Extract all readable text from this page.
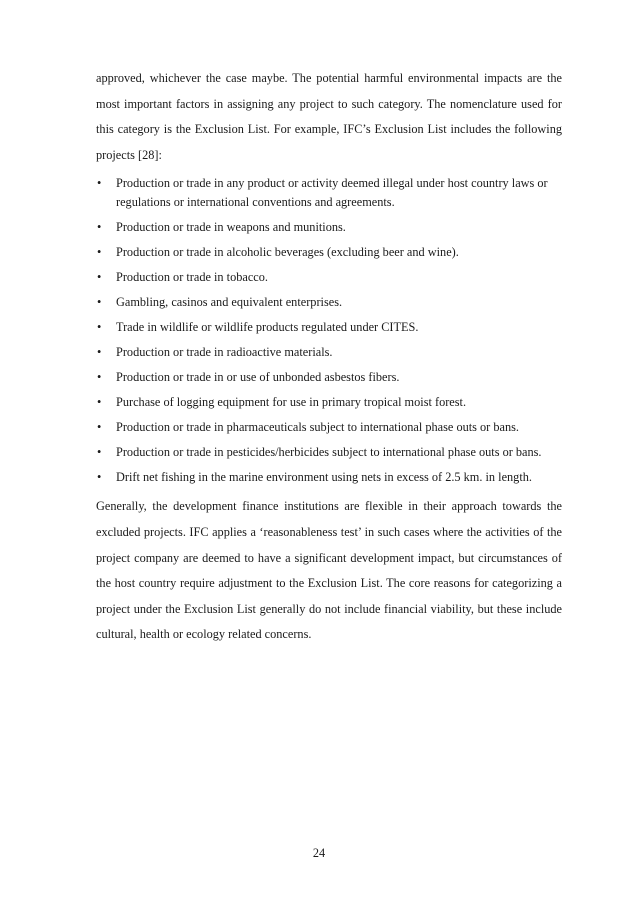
approved, whichever the case maybe. The potential harmful environmental impacts are the most important factors in assigning any project to such category. The nomenclature used for this category is the Exclusion List. For example, IFC’s Exclusion List includes the following projects [28]:

• Production or trade in any product or activity deemed illegal under host country laws or regulations or international conventions and agreements.
• Production or trade in weapons and munitions.
• Production or trade in alcoholic beverages (excluding beer and wine).
• Production or trade in tobacco.
• Gambling, casinos and equivalent enterprises.
• Trade in wildlife or wildlife products regulated under CITES.
• Production or trade in radioactive materials.
• Production or trade in or use of unbonded asbestos fibers.
• Purchase of logging equipment for use in primary tropical moist forest.
• Production or trade in pharmaceuticals subject to international phase outs or bans.
• Production or trade in pesticides/herbicides subject to international phase outs or bans.
• Drift net fishing in the marine environment using nets in excess of 2.5 km. in length.

Generally, the development finance institutions are flexible in their approach towards the excluded projects. IFC applies a ‘reasonableness test’ in such cases where the activities of the project company are deemed to have a significant development impact, but circumstances of the host country require adjustment to the Exclusion List. The core reasons for categorizing a project under the Exclusion List generally do not include financial viability, but these include cultural, health or ecology related concerns.

24
